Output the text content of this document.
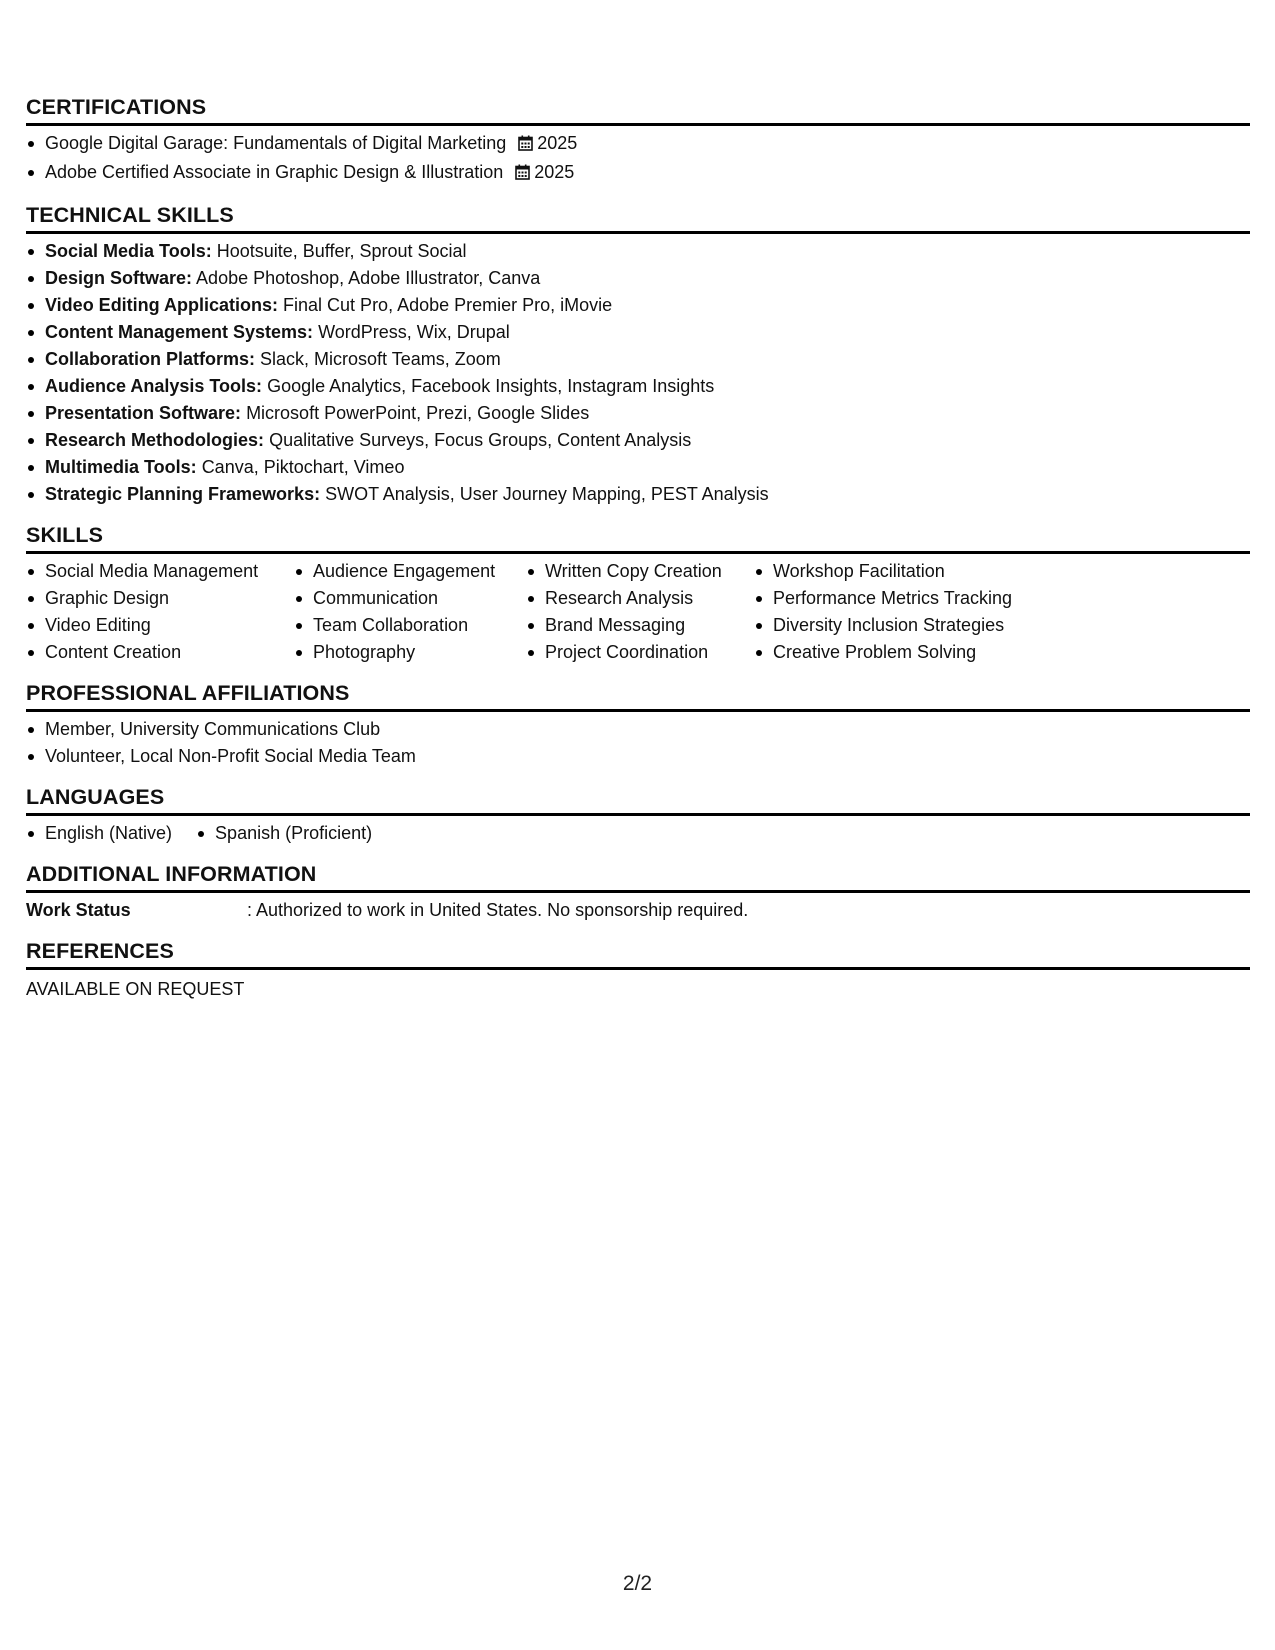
CERTIFICATIONS
Google Digital Garage: Fundamentals of Digital Marketing 2025
Adobe Certified Associate in Graphic Design & Illustration 2025
TECHNICAL SKILLS
Social Media Tools: Hootsuite, Buffer, Sprout Social
Design Software: Adobe Photoshop, Adobe Illustrator, Canva
Video Editing Applications: Final Cut Pro, Adobe Premier Pro, iMovie
Content Management Systems: WordPress, Wix, Drupal
Collaboration Platforms: Slack, Microsoft Teams, Zoom
Audience Analysis Tools: Google Analytics, Facebook Insights, Instagram Insights
Presentation Software: Microsoft PowerPoint, Prezi, Google Slides
Research Methodologies: Qualitative Surveys, Focus Groups, Content Analysis
Multimedia Tools: Canva, Piktochart, Vimeo
Strategic Planning Frameworks: SWOT Analysis, User Journey Mapping, PEST Analysis
SKILLS
Social Media Management
Graphic Design
Video Editing
Content Creation
Audience Engagement
Communication
Team Collaboration
Photography
Written Copy Creation
Research Analysis
Brand Messaging
Project Coordination
Workshop Facilitation
Performance Metrics Tracking
Diversity Inclusion Strategies
Creative Problem Solving
PROFESSIONAL AFFILIATIONS
Member, University Communications Club
Volunteer, Local Non-Profit Social Media Team
LANGUAGES
English (Native)	Spanish (Proficient)
ADDITIONAL INFORMATION
Work Status	: Authorized to work in United States. No sponsorship required.
REFERENCES
AVAILABLE ON REQUEST
2/2
